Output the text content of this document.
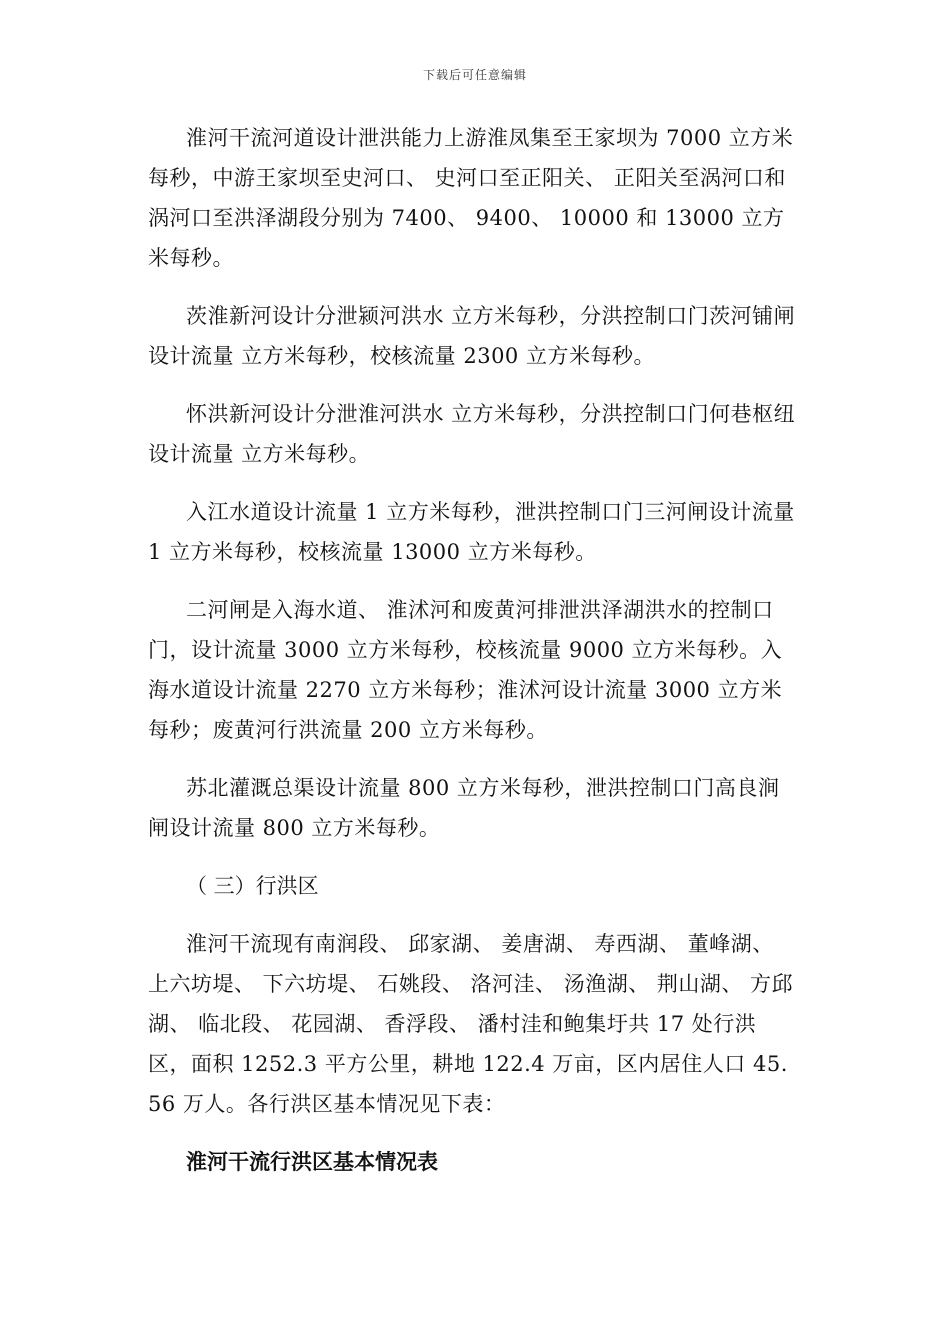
下载后可任意编辑

淮河干流河道设计泄洪能力上游淮凤集至王家坝为 7000 立方米每秒，中游王家坝至史河口、 史河口至正阳关、 正阳关至涡河口和涡河口至洪泽湖段分别为 7400、 9400、 10000 和 13000 立方米每秒。

茨淮新河设计分泄颍河洪水 立方米每秒，分洪控制口门茨河铺闸设计流量 立方米每秒，校核流量 2300 立方米每秒。

怀洪新河设计分泄淮河洪水 立方米每秒，分洪控制口门何巷枢纽设计流量 立方米每秒。

入江水道设计流量 1 立方米每秒，泄洪控制口门三河闸设计流量 1 立方米每秒，校核流量 13000 立方米每秒。

二河闸是入海水道、 淮沭河和废黄河排泄洪泽湖洪水的控制口门，设计流量 3000 立方米每秒，校核流量 9000 立方米每秒。入海水道设计流量 2270 立方米每秒；淮沭河设计流量 3000 立方米每秒；废黄河行洪流量 200 立方米每秒。

苏北灌溉总渠设计流量 800 立方米每秒，泄洪控制口门高良涧闸设计流量 800 立方米每秒。

（ 三）行洪区

淮河干流现有南润段、 邱家湖、 姜唐湖、 寿西湖、 董峰湖、 上六坊堤、 下六坊堤、 石姚段、 洛河洼、 汤渔湖、 荆山湖、 方邱湖、 临北段、 花园湖、 香浮段、 潘村洼和鲍集圩共 17 处行洪区，面积 1252.3 平方公里，耕地 122.4 万亩，区内居住人口 45.56 万人。各行洪区基本情况见下表：

淮河干流行洪区基本情况表
